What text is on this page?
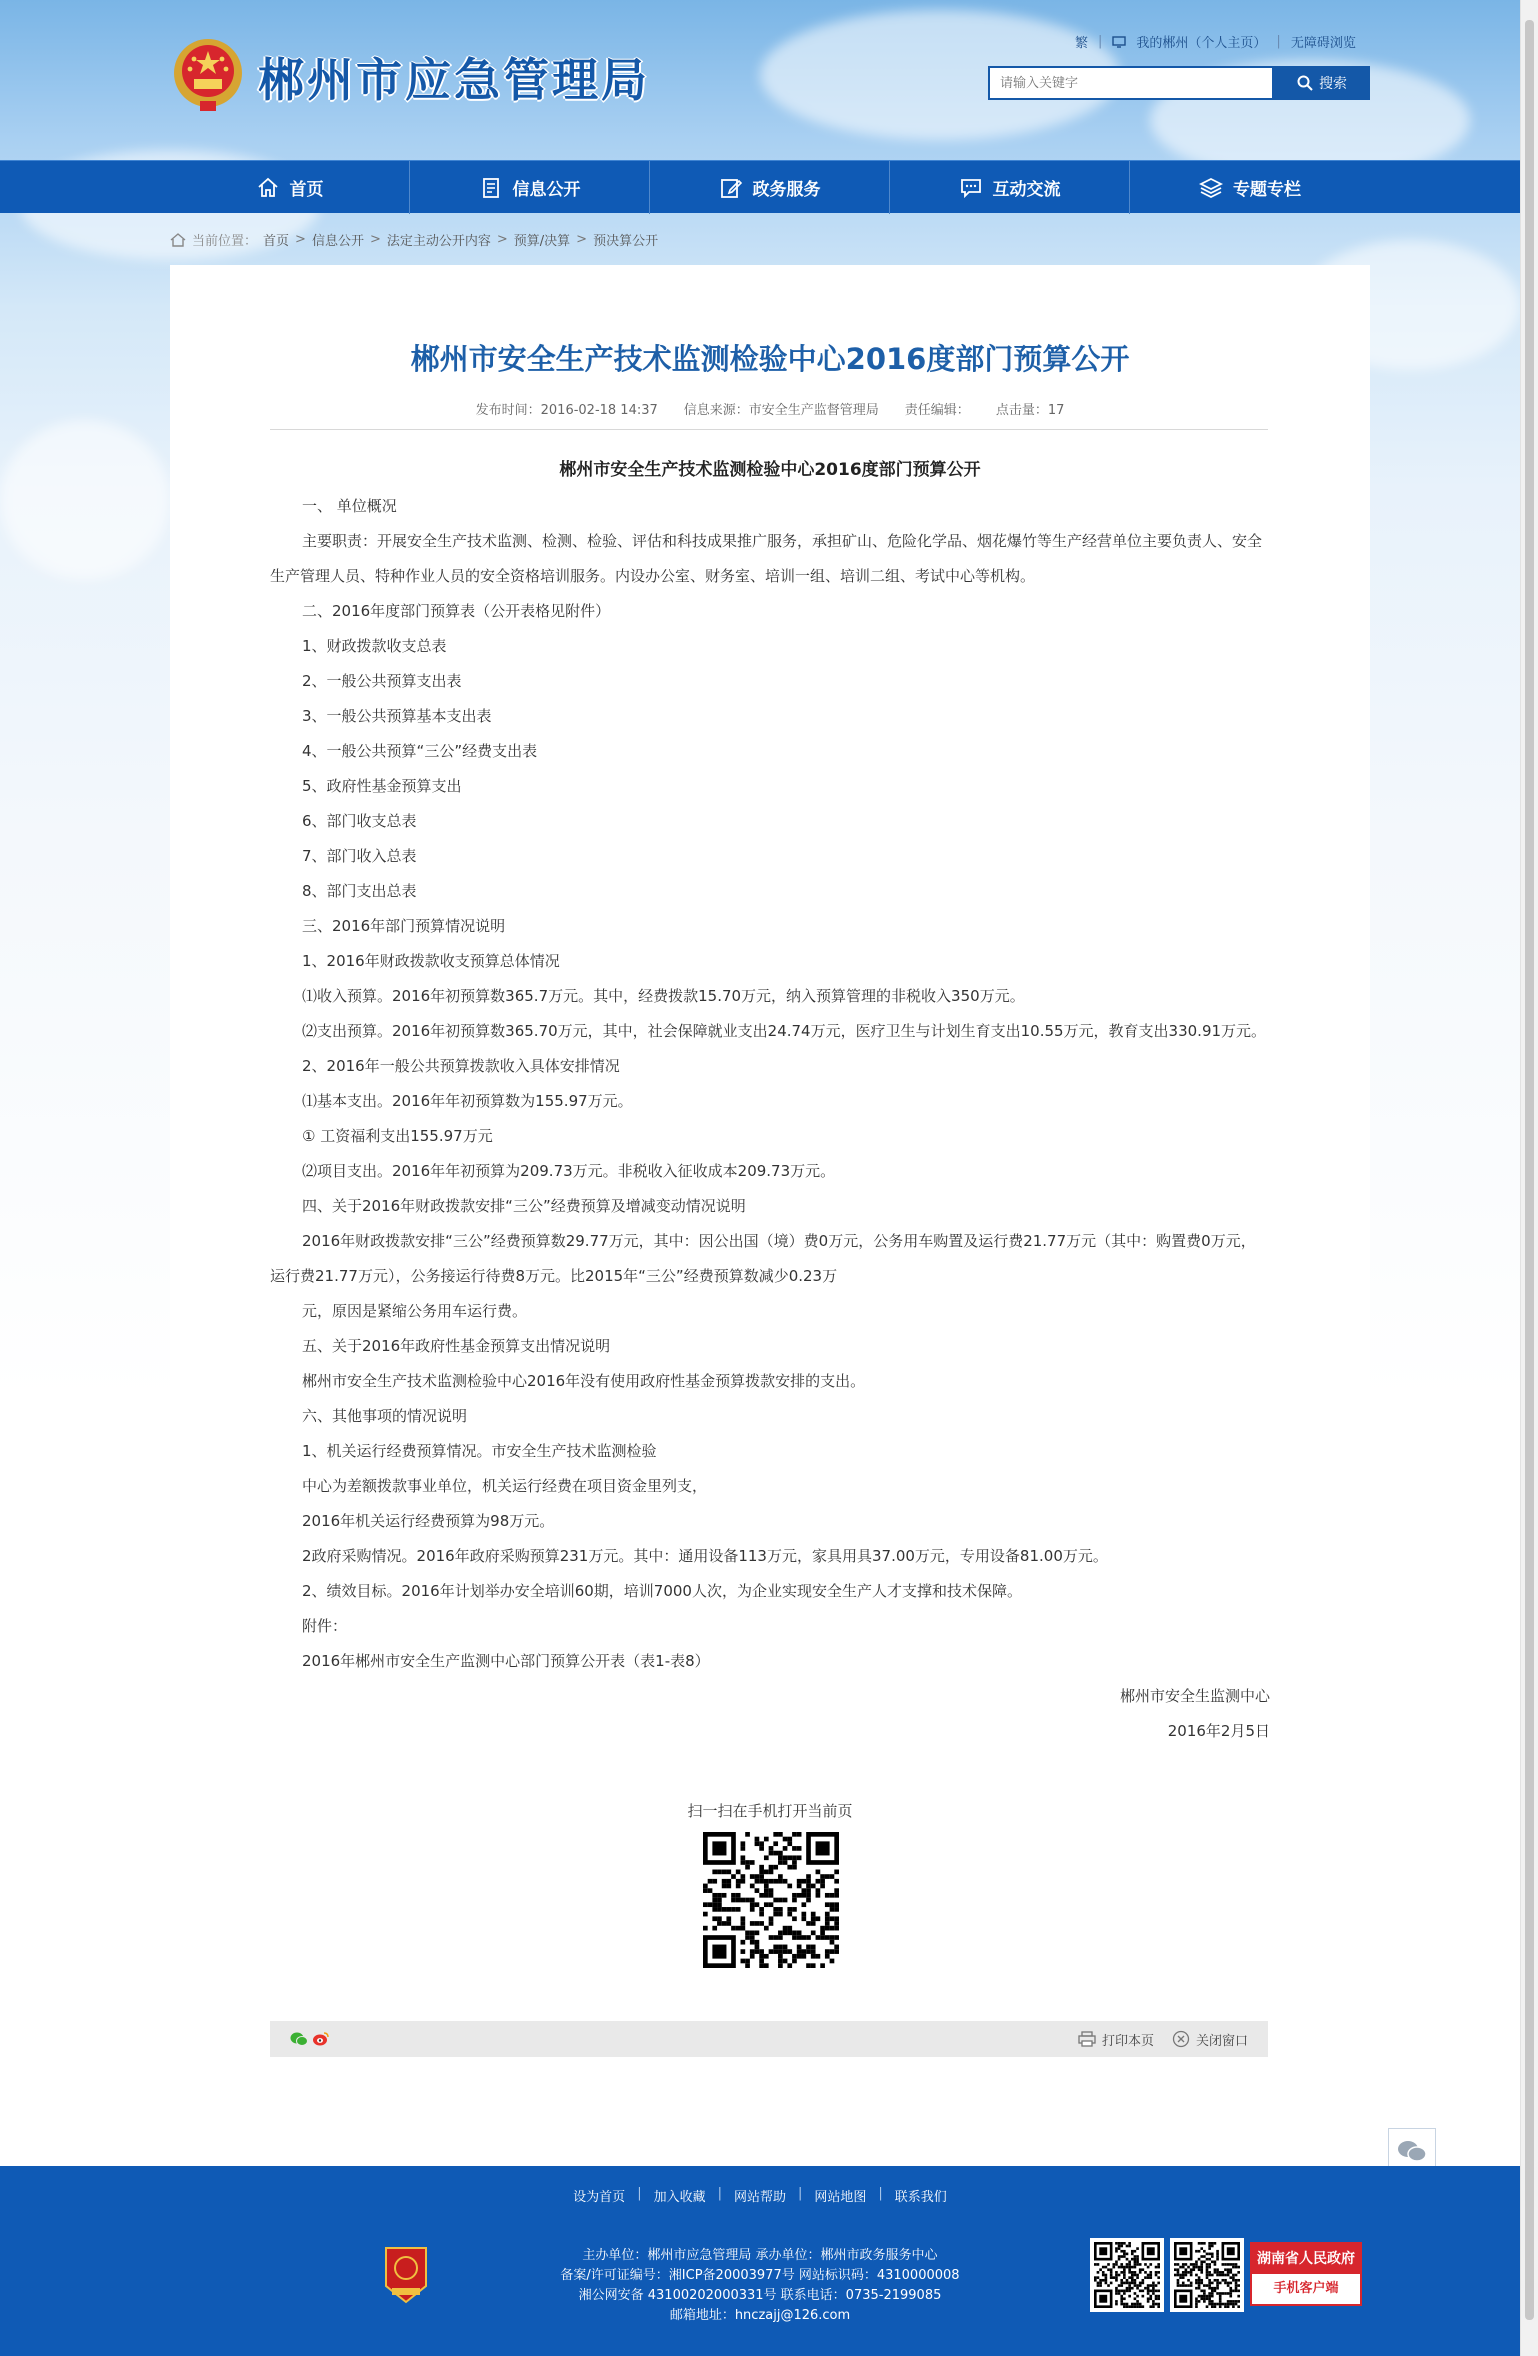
郴州市应急管理局
繁 |	我的郴州（个人主页） | 无障碍浏览
请输入关键字
搜索
首页	信息公开	政务服务	互动交流	专题专栏
当前位置： 首页 > 信息公开 > 法定主动公开内容 > 预算/决算 > 预决算公开
郴州市安全生产技术监测检验中心2016度部门预算公开
发布时间：2016-02-18 14:37 信息来源：市安全生产监督管理局 责任编辑： 点击量：17
郴州市安全生产技术监测检验中心2016度部门预算公开

一、 单位概况

主要职责：开展安全生产技术监测、检测、检验、评估和科技成果推广服务，承担矿山、危险化学品、烟花爆竹等生产经营单位主要负责人、安全生产管理人员、特种作业人员的安全资格培训服务。内设办公室、财务室、培训一组、培训二组、考试中心等机构。

二、2016年度部门预算表（公开表格见附件）

1、财政拨款收支总表

2、一般公共预算支出表

3、一般公共预算基本支出表

4、一般公共预算“三公”经费支出表

5、政府性基金预算支出

6、部门收支总表

7、部门收入总表

8、部门支出总表

三、2016年部门预算情况说明

1、2016年财政拨款收支预算总体情况

⑴收入预算。2016年初预算数365.7万元。其中，经费拨款15.70万元，纳入预算管理的非税收入350万元。

⑵支出预算。2016年初预算数365.70万元，其中，社会保障就业支出24.74万元，医疗卫生与计划生育支出10.55万元，教育支出330.91万元。

2、2016年一般公共预算拨款收入具体安排情况

⑴基本支出。2016年年初预算数为155.97万元。

① 工资福利支出155.97万元

⑵项目支出。2016年年初预算为209.73万元。非税收入征收成本209.73万元。

四、关于2016年财政拨款安排“三公”经费预算及增减变动情况说明

2016年财政拨款安排“三公”经费预算数29.77万元，其中：因公出国（境）费0万元，公务用车购置及运行费21.77万元（其中：购置费0万元，运行费21.77万元），公务接运行待费8万元。比2015年“三公”经费预算数减少0.23万

元，原因是紧缩公务用车运行费。

五、关于2016年政府性基金预算支出情况说明

郴州市安全生产技术监测检验中心2016年没有使用政府性基金预算拨款安排的支出。

六、其他事项的情况说明

1、机关运行经费预算情况。市安全生产技术监测检验

中心为差额拨款事业单位，机关运行经费在项目资金里列支，

2016年机关运行经费预算为98万元。

2政府采购情况。2016年政府采购预算231万元。其中：通用设备113万元，家具用具37.00万元，专用设备81.00万元。

2、绩效目标。2016年计划举办安全培训60期，培训7000人次，为企业实现安全生产人才支撑和技术保障。

附件：

2016年郴州市安全生产监测中心部门预算公开表（表1-表8）

郴州市安全生监测中心

2016年2月5日

扫一扫在手机打开当前页
打印本页	关闭窗口
设为首页 | 加入收藏 | 网站帮助 | 网站地图 | 联系我们
主办单位：郴州市应急管理局 承办单位：郴州市政务服务中心
备案/许可证编号：湘ICP备20003977号 网站标识码：4310000008
湘公网安备 43100202000331号 联系电话：0735-2199085
邮箱地址：hnczajj@126.com
湖南省人民政府
手机客户端
